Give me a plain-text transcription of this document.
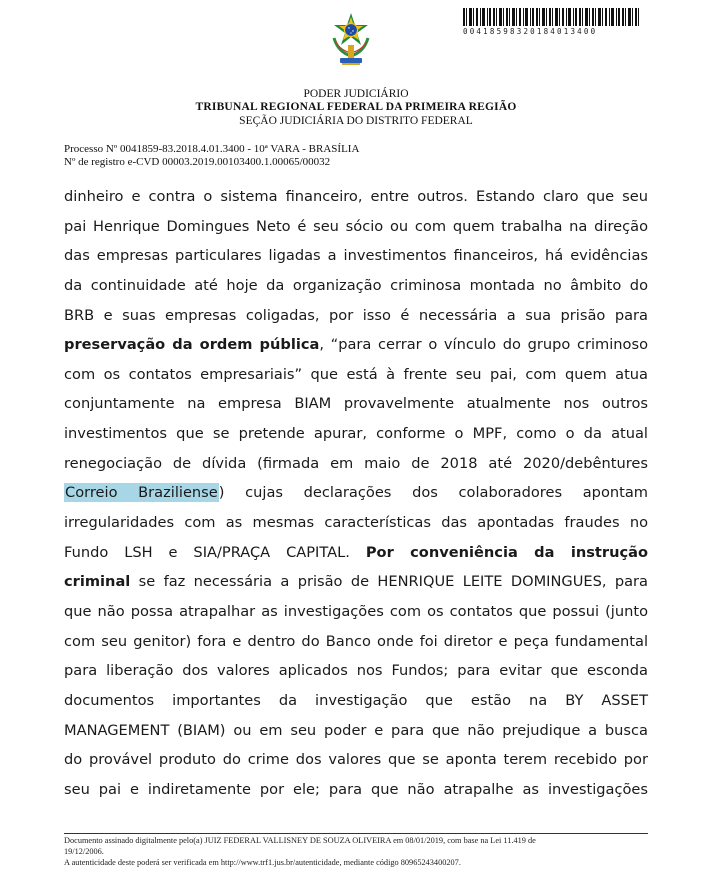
00418598320184013400
PODER JUDICIÁRIO
TRIBUNAL REGIONAL FEDERAL DA PRIMEIRA REGIÃO
SEÇÃO JUDICIÁRIA DO DISTRITO FEDERAL
Processo Nº 0041859-83.2018.4.01.3400 - 10ª VARA - BRASÍLIA
Nº de registro e-CVD 00003.2019.00103400.1.00065/00032
dinheiro e contra o sistema financeiro, entre outros. Estando claro que seu
pai Henrique Domingues Neto é seu sócio ou com quem trabalha na direção
das empresas particulares ligadas a investimentos financeiros, há evidências
da continuidade até hoje da organização criminosa montada no âmbito do
BRB e suas empresas coligadas, por isso é necessária a sua prisão para
preservação da ordem pública, “para cerrar o vínculo do grupo criminoso
com os contatos empresariais” que está à frente seu pai, com quem atua
conjuntamente na empresa BIAM provavelmente atualmente nos outros
investimentos que se pretende apurar, conforme o MPF, como o da atual
renegociação de dívida (firmada em maio de 2018 até 2020/debêntures
Correio Braziliense) cujas declarações dos colaboradores apontam
irregularidades com as mesmas características das apontadas fraudes no
Fundo LSH e SIA/PRAÇA CAPITAL. Por conveniência da instrução
criminal se faz necessária a prisão de HENRIQUE LEITE DOMINGUES, para
que não possa atrapalhar as investigações com os contatos que possui (junto
com seu genitor) fora e dentro do Banco onde foi diretor e peça fundamental
para liberação dos valores aplicados nos Fundos; para evitar que esconda
documentos importantes da investigação que estão na BY ASSET
MANAGEMENT (BIAM) ou em seu poder e para que não prejudique a busca
do provável produto do crime dos valores que se aponta terem recebido por
seu pai e indiretamente por ele; para que não atrapalhe as investigações
Documento assinado digitalmente pelo(a) JUIZ FEDERAL VALLISNEY DE SOUZA OLIVEIRA em 08/01/2019, com base na Lei 11.419 de
19/12/2006.
A autenticidade deste poderá ser verificada em http://www.trf1.jus.br/autenticidade, mediante código 80965243400207.
